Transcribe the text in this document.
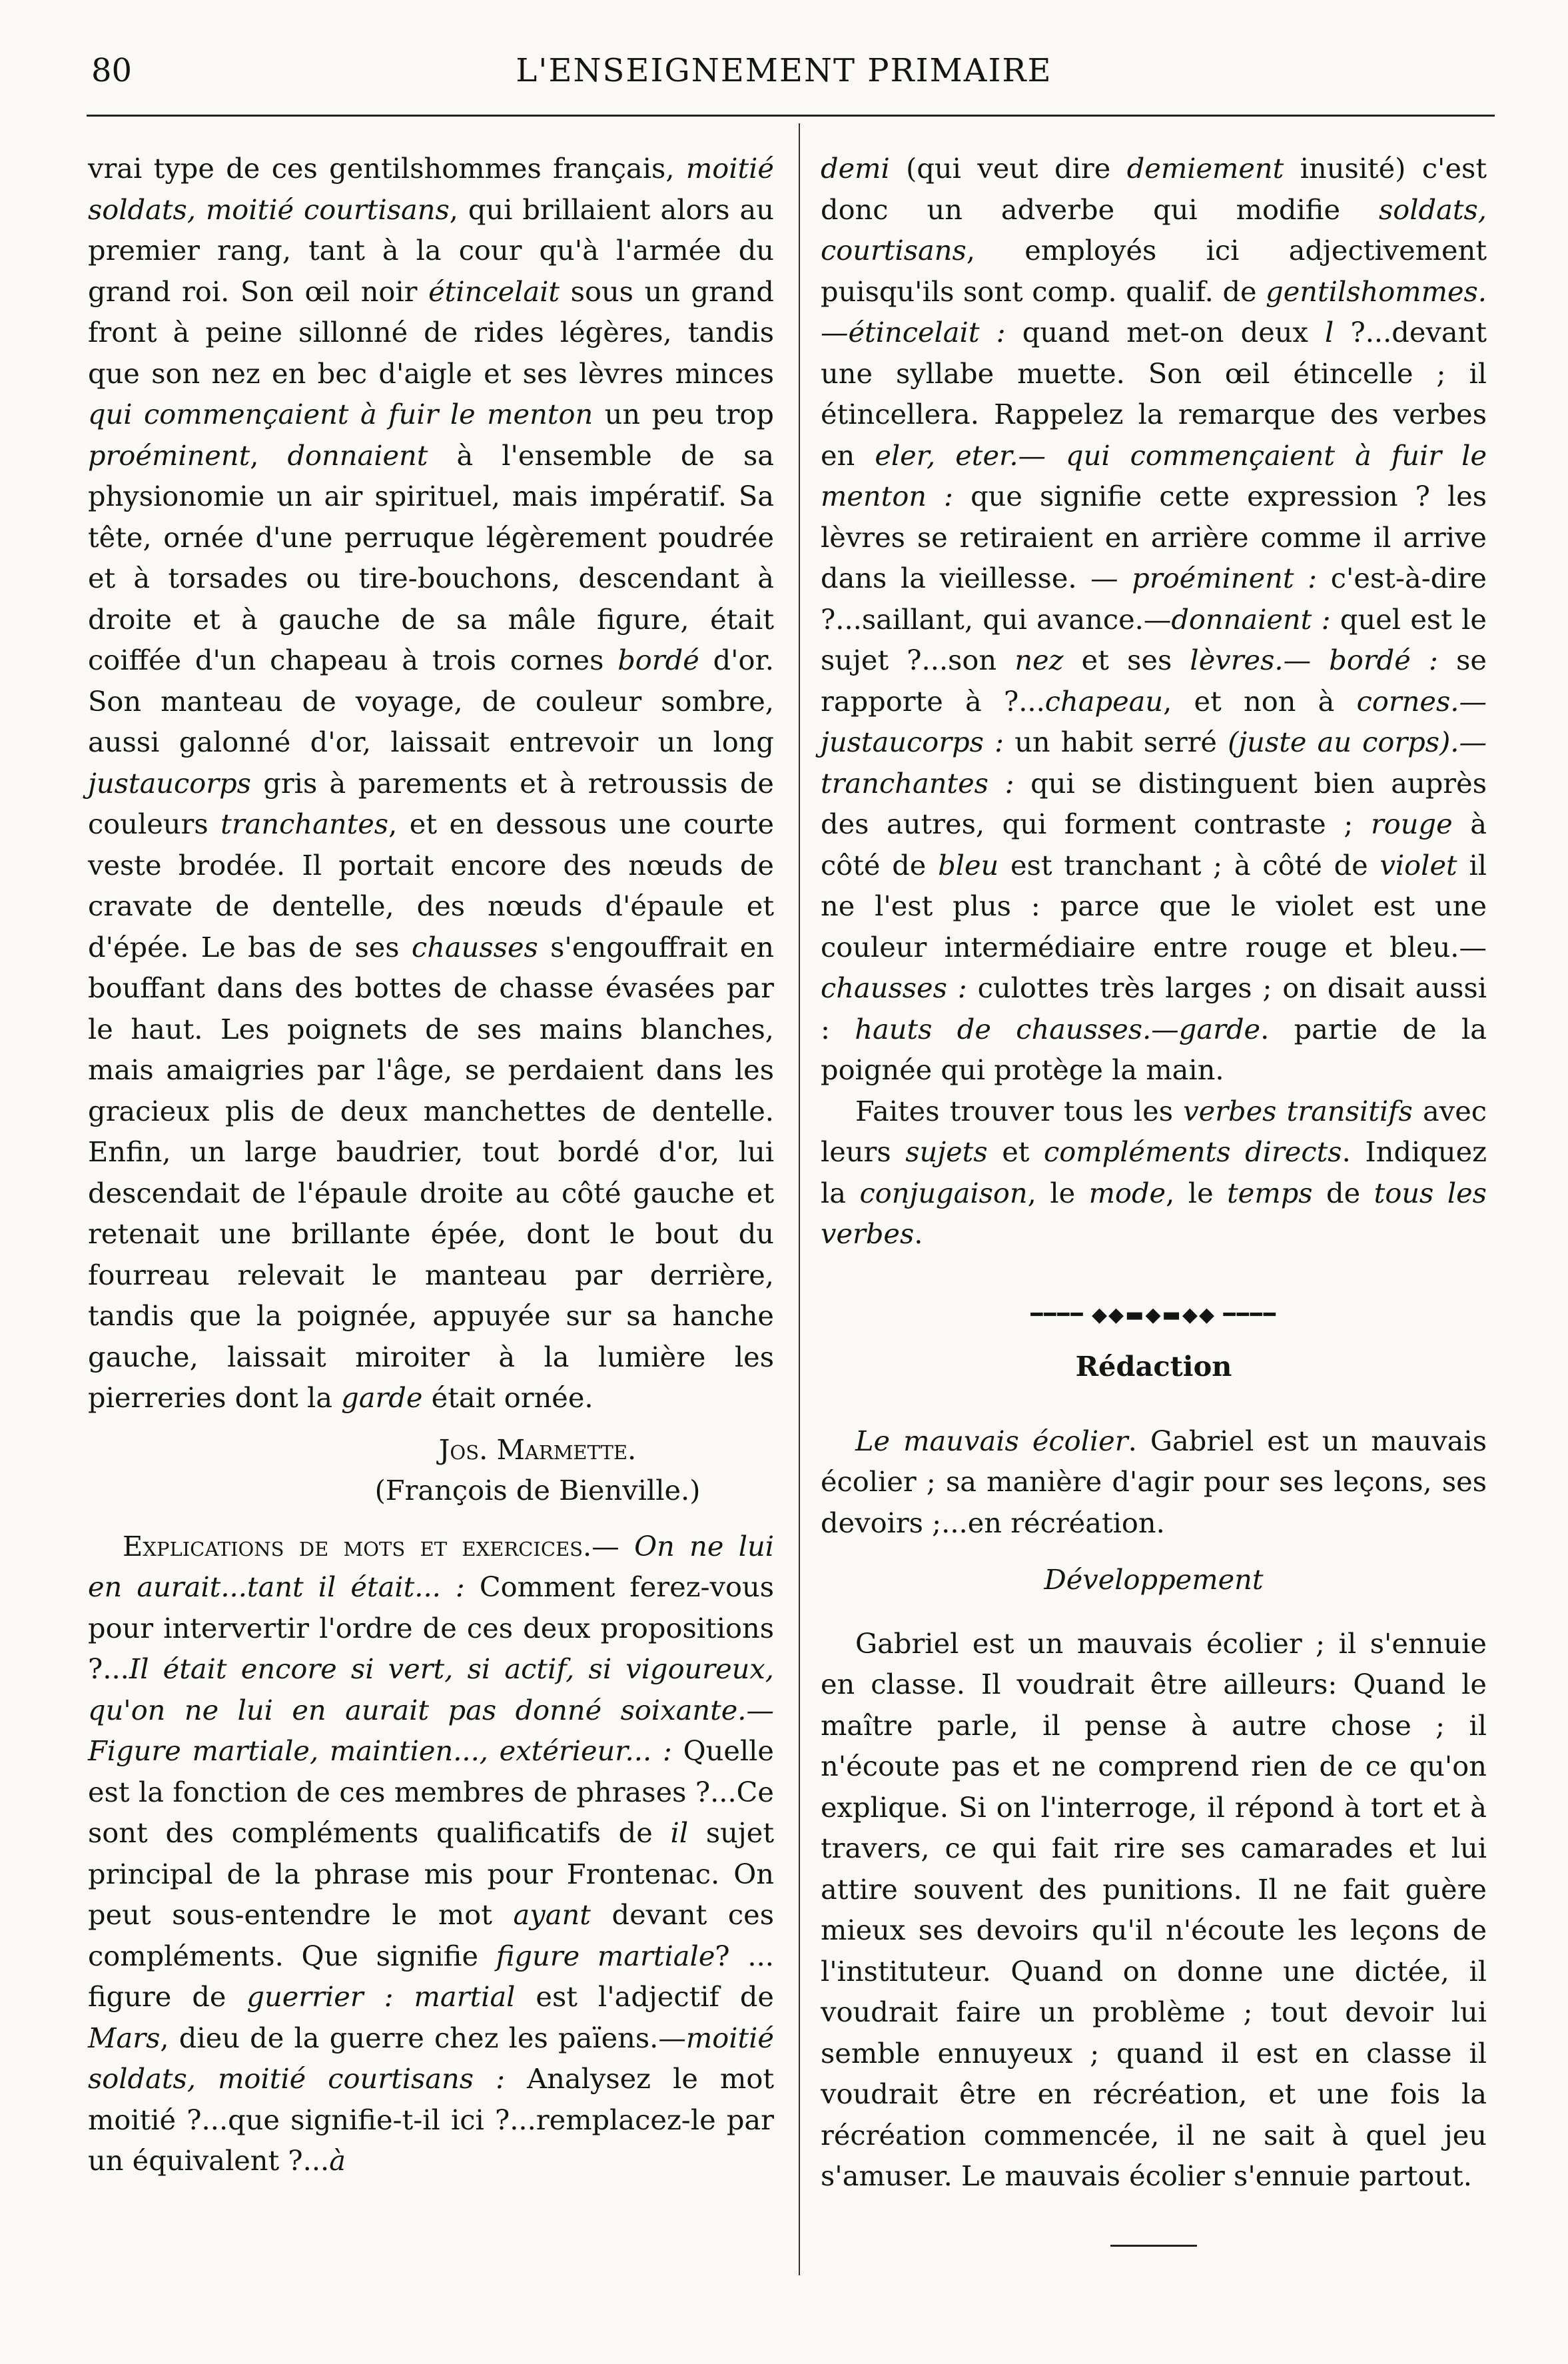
80	L'ENSEIGNEMENT PRIMAIRE

vrai type de ces gentilshommes français, moitié soldats, moitié courtisans, qui brillaient alors au premier rang, tant à la cour qu'à l'armée du grand roi. Son œil noir étincelait sous un grand front à peine sillonné de rides légères, tandis que son nez en bec d'aigle et ses lèvres minces qui commençaient à fuir le menton un peu trop proéminent, donnaient à l'ensemble de sa physionomie un air spirituel, mais impératif. Sa tête, ornée d'une perruque légèrement poudrée et à torsades ou tire-bouchons, descendant à droite et à gauche de sa mâle figure, était coiffée d'un chapeau à trois cornes bordé d'or. Son manteau de voyage, de couleur sombre, aussi galonné d'or, laissait entrevoir un long justaucorps gris à parements et à retroussis de couleurs tranchantes, et en dessous une courte veste brodée. Il portait encore des nœuds de cravate de dentelle, des nœuds d'épaule et d'épée. Le bas de ses chausses s'engouffrait en bouffant dans des bottes de chasse évasées par le haut. Les poignets de ses mains blanches, mais amaigries par l'âge, se perdaient dans les gracieux plis de deux manchettes de dentelle. Enfin, un large baudrier, tout bordé d'or, lui descendait de l'épaule droite au côté gauche et retenait une brillante épée, dont le bout du fourreau relevait le manteau par derrière, tandis que la poignée, appuyée sur sa hanche gauche, laissait miroiter à la lumière les pierreries dont la garde était ornée.

Jos. Marmette.

(François de Bienville.)

Explications de mots et exercices.— On ne lui en aurait...tant il était... : Comment ferez-vous pour intervertir l'ordre de ces deux propositions ?...Il était encore si vert, si actif, si vigoureux, qu'on ne lui en aurait pas donné soixante.—Figure martiale, maintien..., extérieur... : Quelle est la fonction de ces membres de phrases ?...Ce sont des compléments qualificatifs de il sujet principal de la phrase mis pour Frontenac. On peut sous-entendre le mot ayant devant ces compléments. Que signifie figure martiale? ... figure de guerrier : martial est l'adjectif de Mars, dieu de la guerre chez les païens.—moitié soldats, moitié courtisans : Analysez le mot moitié ?...que signifie-t-il ici ?...remplacez-le par un équivalent ?...à

demi (qui veut dire demiement inusité) c'est donc un adverbe qui modifie soldats, courtisans, employés ici adjectivement puisqu'ils sont comp. qualif. de gentilshommes.—étincelait : quand met-on deux l ?...devant une syllabe muette. Son œil étincelle ; il étincellera. Rappelez la remarque des verbes en eler, eter.— qui commençaient à fuir le menton : que signifie cette expression ? les lèvres se retiraient en arrière comme il arrive dans la vieillesse. — proéminent : c'est-à-dire ?...saillant, qui avance.—donnaient : quel est le sujet ?...son nez et ses lèvres.— bordé : se rapporte à ?...chapeau, et non à cornes.—justaucorps : un habit serré (juste au corps).—tranchantes : qui se distinguent bien auprès des autres, qui forment contraste ; rouge à côté de bleu est tranchant ; à côté de violet il ne l'est plus : parce que le violet est une couleur intermédiaire entre rouge et bleu.—chausses : culottes très larges ; on disait aussi : hauts de chausses.—garde. partie de la poignée qui protège la main.

Faites trouver tous les verbes transitifs avec leurs sujets et compléments directs. Indiquez la conjugaison, le mode, le temps de tous les verbes.

━━━━ ◆◆▬◆▬◆◆ ━━━━

Rédaction

Le mauvais écolier. Gabriel est un mauvais écolier ; sa manière d'agir pour ses leçons, ses devoirs ;...en récréation.

Développement

Gabriel est un mauvais écolier ; il s'ennuie en classe. Il voudrait être ailleurs: Quand le maître parle, il pense à autre chose ; il n'écoute pas et ne comprend rien de ce qu'on explique. Si on l'interroge, il répond à tort et à travers, ce qui fait rire ses camarades et lui attire souvent des punitions. Il ne fait guère mieux ses devoirs qu'il n'écoute les leçons de l'instituteur. Quand on donne une dictée, il voudrait faire un problème ; tout devoir lui semble ennuyeux ; quand il est en classe il voudrait être en récréation, et une fois la récréation commencée, il ne sait à quel jeu s'amuser. Le mauvais écolier s'ennuie partout.
